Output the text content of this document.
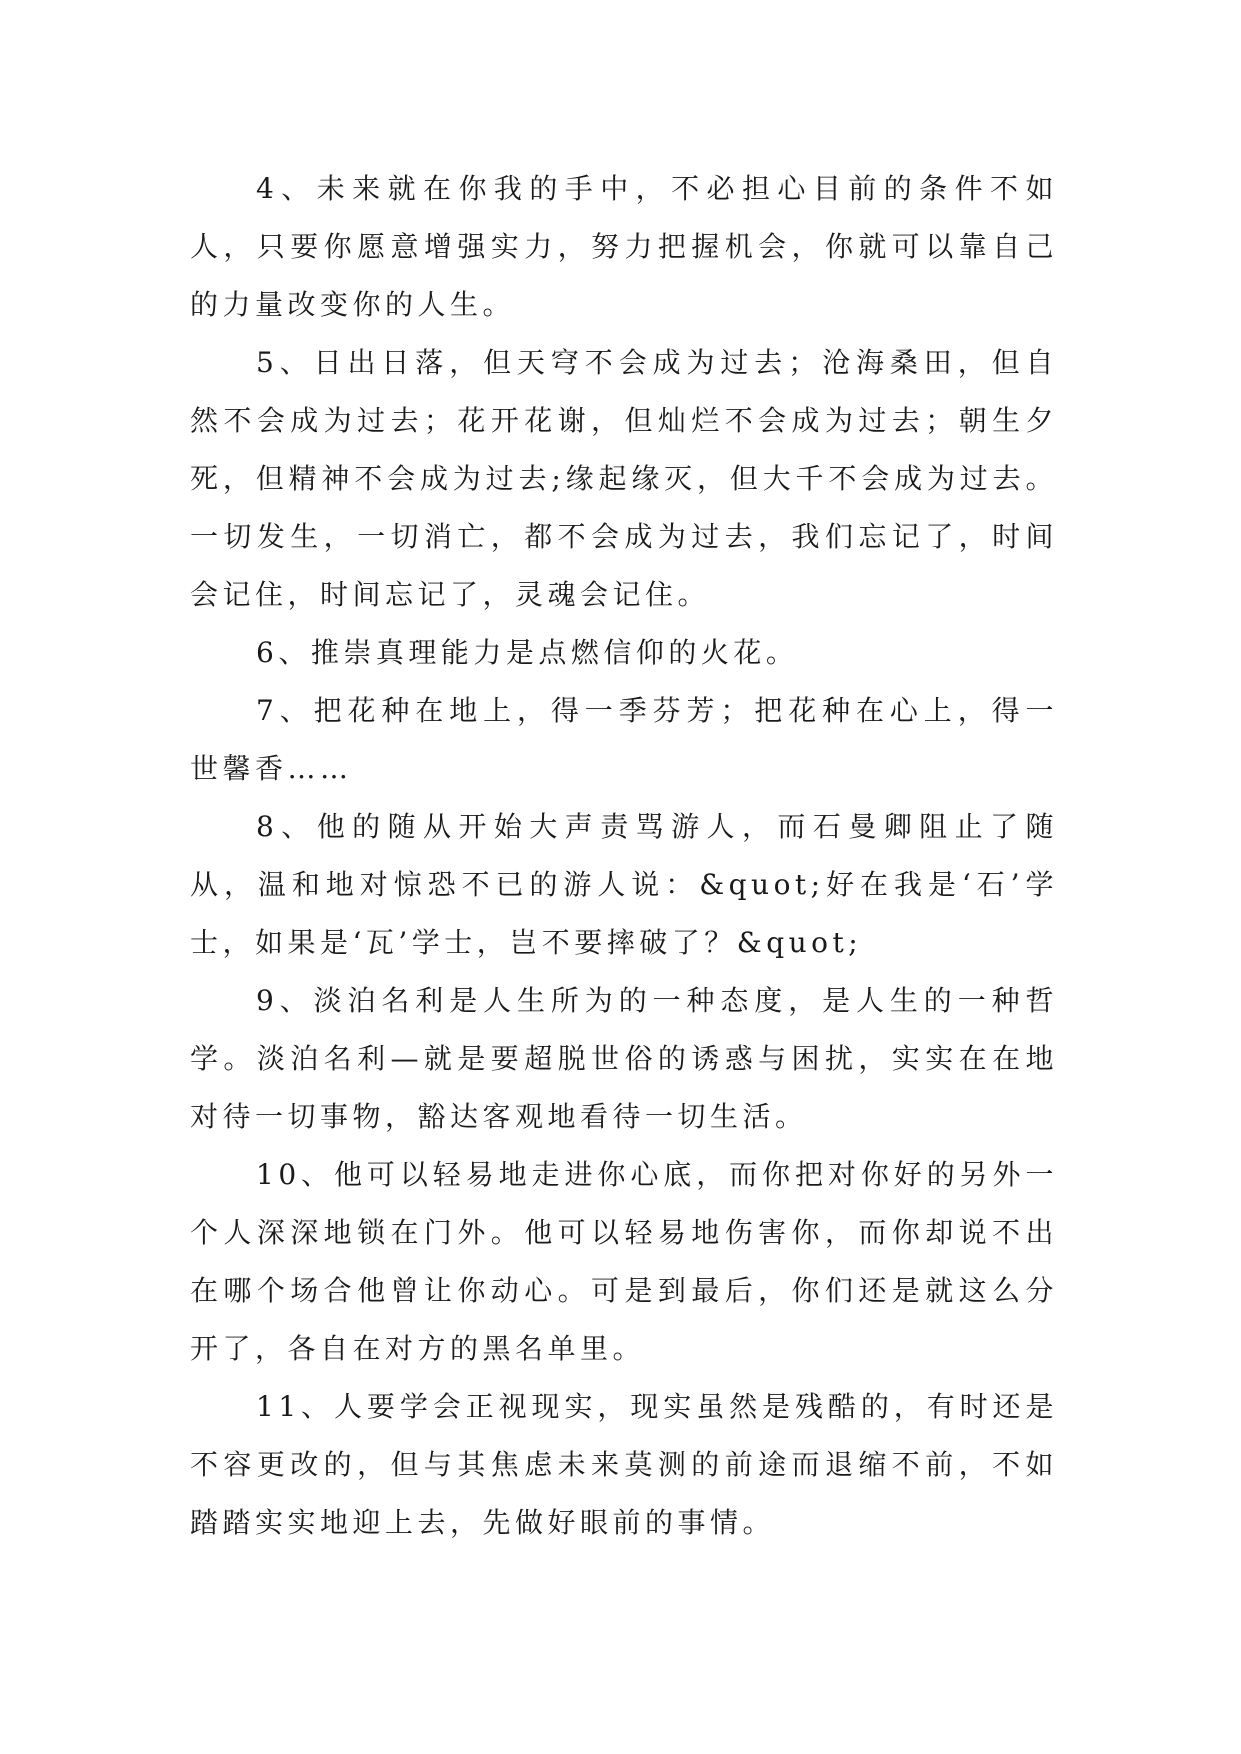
4、未来就在你我的手中，不必担心目前的条件不如人，只要你愿意增强实力，努力把握机会，你就可以靠自己的力量改变你的人生。

5、日出日落，但天穹不会成为过去；沧海桑田，但自然不会成为过去；花开花谢，但灿烂不会成为过去；朝生夕死，但精神不会成为过去;缘起缘灭，但大千不会成为过去。一切发生，一切消亡，都不会成为过去，我们忘记了，时间会记住，时间忘记了，灵魂会记住。

6、推崇真理能力是点燃信仰的火花。

7、把花种在地上，得一季芬芳；把花种在心上，得一世馨香……

8、他的随从开始大声责骂游人，而石曼卿阻止了随从，温和地对惊恐不已的游人说：&quot;好在我是‘石’学士，如果是‘瓦’学士，岂不要摔破了？&quot;

9、淡泊名利是人生所为的一种态度，是人生的一种哲学。淡泊名利—就是要超脱世俗的诱惑与困扰，实实在在地对待一切事物，豁达客观地看待一切生活。

10、他可以轻易地走进你心底，而你把对你好的另外一个人深深地锁在门外。他可以轻易地伤害你，而你却说不出在哪个场合他曾让你动心。可是到最后，你们还是就这么分开了，各自在对方的黑名单里。

11、人要学会正视现实，现实虽然是残酷的，有时还是不容更改的，但与其焦虑未来莫测的前途而退缩不前，不如踏踏实实地迎上去，先做好眼前的事情。
